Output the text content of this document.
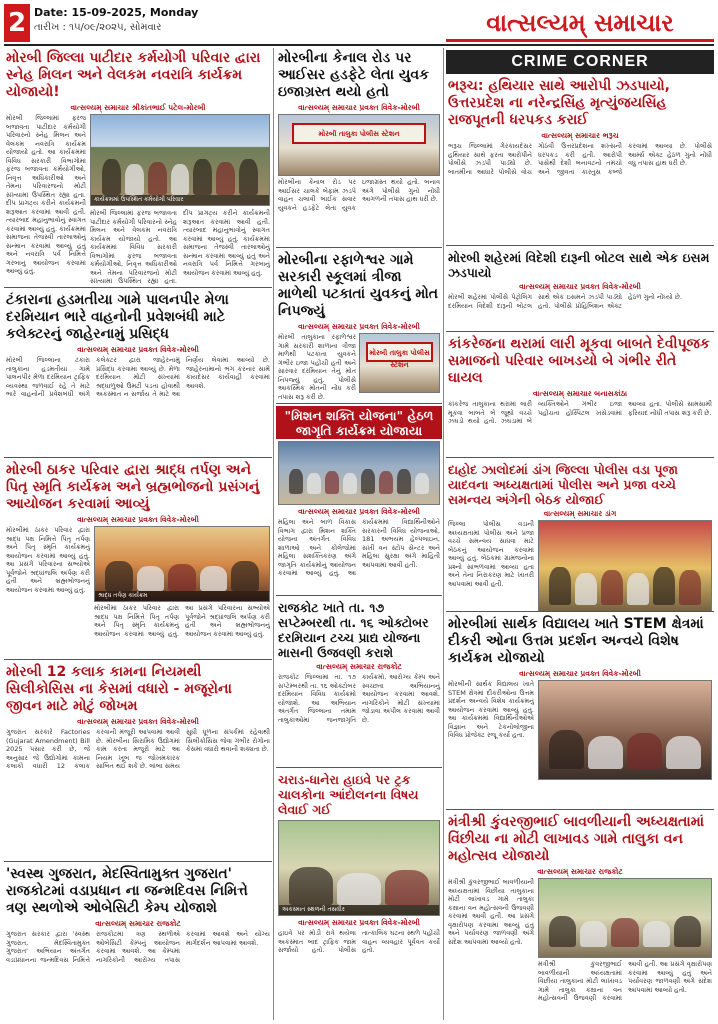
2 Date: 15-09-2025, Monday
તારીખ : ૧૫/૦૯/૨૦૨૫, સોમવાર	વાત્સલ્યમ્ સમાચાર
મોરબી જિલ્લા પાટીદાર કર્મયોગી પરિવાર દ્વારા સ્નેહ મિલન અને વેલકમ નવરાત્રિ કાર્યક્રમ યોજાયો!
વાત્સલ્યમ્ સમાચાર શ્રીકાંતભાઈ પટેલ-મોરબી
મોરબી જિલ્લામાં ફરજ બજાવતા પાટીદાર કર્મયોગી પરિવારનો સ્નેહ મિલન અને વેલકમ નવરાત્રિ કાર્યક્રમ યોજાયો હતો. આ કાર્યક્રમમાં વિવિધ સરકારી વિભાગોમાં ફરજ બજાવતા કર્મયોગીઓ, નિવૃત્ત અધિકારીઓ અને તેમના પરિવારજનો મોટી સંખ્યામાં ઉપસ્થિત રહ્યા હતા. દીપ પ્રાગટ્ય કરીને કાર્યક્રમની શરૂઆત કરવામાં આવી હતી. ત્યારબાદ મહાનુભાવોનું સ્વાગત કરવામાં આવ્યું હતું. કાર્યક્રમમાં સમાજના તેજસ્વી તારલાઓનું સન્માન કરવામાં આવ્યું હતું અને નવરાત્રિ પર્વ નિમિત્તે ગરબાનું આયોજન કરવામાં આવ્યું હતું.
કાર્યક્રમમાં ઉપસ્થિત કર્મયોગી પરિવાર
મોરબી જિલ્લામાં ફરજ બજાવતા પાટીદાર કર્મયોગી પરિવારનો સ્નેહ મિલન અને વેલકમ નવરાત્રિ કાર્યક્રમ યોજાયો હતો. આ કાર્યક્રમમાં વિવિધ સરકારી વિભાગોમાં ફરજ બજાવતા કર્મયોગીઓ, નિવૃત્ત અધિકારીઓ અને તેમના પરિવારજનો મોટી સંખ્યામાં ઉપસ્થિત રહ્યા હતા. દીપ પ્રાગટ્ય કરીને કાર્યક્રમની શરૂઆત કરવામાં આવી હતી. ત્યારબાદ મહાનુભાવોનું સ્વાગત કરવામાં આવ્યું હતું. કાર્યક્રમમાં સમાજના તેજસ્વી તારલાઓનું સન્માન કરવામાં આવ્યું હતું અને નવરાત્રિ પર્વ નિમિત્તે ગરબાનું આયોજન કરવામાં આવ્યું હતું.
ટંકારાના હડમતીયા ગામે પાલનપીર મેળા દરમિયાન ભારે વાહનોની પ્રવેશબંધી માટે કલેક્ટરનું જાહેરનામું પ્રસિદ્ધ
વાત્સલ્યમ્ સમાચાર પ્રવક્ત વિવેક-મોરબી
મોરબી જિલ્લાના ટંકારા તાલુકાના હડમતીયા ગામે પાલનપીર મેળા દરમિયાન ટ્રાફિક વ્યવસ્થા જળવાઈ રહે તે માટે ભારે વાહનોની પ્રવેશબંધી અંગે કલેક્ટર દ્વારા જાહેરનામું પ્રસિદ્ધ કરવામાં આવ્યું છે. મેળા દરમિયાન મોટી સંખ્યામાં શ્રદ્ધાળુઓ ઉમટી પડતા હોવાથી અકસ્માત ન સર્જાય તે માટે આ નિર્ણય લેવામાં આવ્યો છે. જાહેરનામાનો ભંગ કરનાર સામે કાયદેસર કાર્યવાહી કરવામાં આવશે.
મોરબી ઠાકર પરિવાર દ્વારા શ્રાદ્ધ તર્પણ અને પિતૃ સ્મૃતિ કાર્યક્રમ અને બ્રહ્મભોજનો પ્રસંગનું આયોજન કરવામાં આવ્યું
વાત્સલ્યમ્ સમાચાર પ્રવક્ત વિવેક-મોરબી
મોરબીમાં ઠાકર પરિવાર દ્વારા શ્રાદ્ધ પક્ષ નિમિત્તે પિતૃ તર્પણ અને પિતૃ સ્મૃતિ કાર્યક્રમનું આયોજન કરવામાં આવ્યું હતું. આ પ્રસંગે પરિવારના સભ્યોએ પૂર્વજોને શ્રદ્ધાંજલિ અર્પણ કરી હતી અને બ્રહ્મભોજનનું આયોજન કરવામાં આવ્યું હતું.
શ્રાદ્ધ તર્પણ કાર્યક્રમ
મોરબીમાં ઠાકર પરિવાર દ્વારા શ્રાદ્ધ પક્ષ નિમિત્તે પિતૃ તર્પણ અને પિતૃ સ્મૃતિ કાર્યક્રમનું આયોજન કરવામાં આવ્યું હતું. આ પ્રસંગે પરિવારના સભ્યોએ પૂર્વજોને શ્રદ્ધાંજલિ અર્પણ કરી હતી અને બ્રહ્મભોજનનું આયોજન કરવામાં આવ્યું હતું.
મોરબી 12 કલાક કામના નિયમથી સિલીકોસિસ ના કેસમાં વધારો - મજૂરોના જીવન માટે મોટું જોખમ
વાત્સલ્યમ્ સમાચાર પ્રવક્ત વિવેક-મોરબી
ગુજરાત સરકારે Factories (Gujarat Amendment) Bill 2025 પસાર કરી છે, જે અનુસાર જે ઉદ્યોગોમાં કામના કલાકો વધારી 12 કલાક કરવાની મંજૂરી આપવામાં આવી છે. મોરબીના સિરામિક ઉદ્યોગમાં કામ કરતા મજૂરો માટે આ નિયમ ખૂબ જ જોખમકારક સાબિત થઈ શકે છે. લાંબા સમય સુધી ધૂળના સંપર્કમાં રહેવાથી સિલીકોસિસ જેવા ગંભીર રોગોના કેસમાં વધારો થવાની શક્યતા છે.
'સ્વસ્થ ગુજરાત, મેદસ્વિતામુક્ત ગુજરાત' રાજકોટમાં વડાપ્રધાન ના જન્મદિવસ નિમિત્તે ત્રણ સ્થળોએ ઓબેસિટી કેમ્પ યોજાશે
વાત્સલ્યમ્ સમાચાર રાજકોટ
ગુજરાત સરકાર દ્વારા 'સ્વસ્થ ગુજરાત, મેદસ્વિતામુક્ત ગુજરાત' અભિયાન અંતર્ગત વડાપ્રધાનના જન્મદિવસ નિમિત્તે રાજકોટમાં ત્રણ સ્થળોએ ઓબેસિટી કેમ્પનું આયોજન કરવામાં આવશે. આ કેમ્પમાં નાગરિકોની આરોગ્ય તપાસ કરવામાં આવશે અને યોગ્ય માર્ગદર્શન આપવામાં આવશે.
મોરબીના કેનાલ રોડ પર આઈસર હડફેટે લેતા યુવક ઇજાગ્રસ્ત થયો હતો
વાત્સલ્યમ્ સમાચાર પ્રવક્ત વિવેક-મોરબી
મોરબી તાલુકા પોલીસ સ્ટેશન
મોરબીના કેનાલ રોડ પર આઈસર ચાલકે બેફામ ઝડપે વાહન ચલાવી બાઈક સવાર યુવકને હડફેટે લેતા યુવક ઇજાગ્રસ્ત થયો હતો. બનાવ અંગે પોલીસે ગુનો નોંધી આગળની તપાસ હાથ ધરી છે.
મોરબીના રફાળેશ્વર ગામે સરકારી સ્કૂલમાં ત્રીજા માળેથી પટકાતાં યુવકનું મોત નિપજ્યું
વાત્સલ્યમ્ સમાચાર પ્રવક્ત વિવેક-મોરબી
મોરબી તાલુકાના રફાળેશ્વર ગામે સરકારી શાળાના ત્રીજા માળેથી પટકાતા યુવકને ગંભીર ઇજા પહોંચી હતી અને સારવાર દરમિયાન તેનું મોત નિપજ્યું હતું. પોલીસે આકસ્મિક મોતની નોંધ કરી તપાસ શરૂ કરી છે.
મોરબી તાલુકા પોલીસ સ્ટેશન
"મિશન શક્તિ યોજના" હેઠળ જાગૃતિ કાર્યક્રમ યોજાયા
વાત્સલ્યમ્ સમાચાર પ્રવક્ત વિવેક-મોરબી
મહિલા અને બાળ વિકાસ વિભાગ દ્વારા મિશન શક્તિ યોજના અંતર્ગત વિવિધ શાળાઓ અને કોલેજોમાં મહિલા સશક્તિકરણ અંગે જાગૃતિ કાર્યક્રમોનું આયોજન કરવામાં આવ્યું હતું. આ કાર્યક્રમમાં વિદ્યાર્થિનીઓને સરકારની વિવિધ યોજનાઓ, 181 અભયમ હેલ્પલાઇન, સખી વન સ્ટોપ સેન્ટર અને મહિલા સુરક્ષા અંગે માહિતી આપવામાં આવી હતી.
રાજકોટ ખાતે તા. ૧૭ સપ્ટેમ્બરથી તા. ૧૬ ઓક્ટોબર દરમિયાન ટચ્ચ પ્રાદ્ય યોજના માસની ઉજવણી કરાશે
વાત્સલ્યમ્ સમાચાર રાજકોટ
રાજકોટ જિલ્લામાં તા. ૧૭ સપ્ટેમ્બરથી તા. ૧૬ ઓક્ટોબર દરમિયાન વિવિધ કાર્યક્રમો યોજાશે. આ અભિયાન અંતર્ગત જિલ્લાના તમામ તાલુકાઓમાં જનજાગૃતિ કાર્યક્રમો, આરોગ્ય કેમ્પ અને સ્વચ્છતા અભિયાનનું આયોજન કરવામાં આવશે. નાગરિકોને મોટી સંખ્યામાં જોડાવા અપીલ કરવામાં આવી છે.
ચરાડ-ધાનેરા હાઇવે પર ટ્રક ચાલકોના આંદોલનના વિષય લેવાઈ ગઈ
અકસ્માત સ્થળની તસવીર
વાત્સલ્યમ્ સમાચાર પ્રવક્ત વિવેક-મોરબી
હાઇવે પર મોડી રાત્રે થયેલા અકસ્માત બાદ ટ્રાફિક જામ સર્જાયો હતો. પોલીસ તાત્કાલિક ઘટના સ્થળે પહોંચી વાહન વ્યવહાર પૂર્વવત કર્યો હતો.
CRIME CORNER
ભરૂચ: હથિયાર સાથે આરોપી ઝડપાયો, ઉત્તરપ્રદેશ ના નરેન્દ્રસિંહ મૃત્યુંજયસિંહ રાજપૂતની ધરપકડ કરાઈ
વાત્સલ્યમ્ સમાચાર ભરૂચ
ભરૂચ જિલ્લામાં ગેરકાયદેસર હથિયાર સાથે ફરતા આરોપીને પોલીસે ઝડપી પાડ્યો છે. બાતમીના આધારે પોલીસે વોચ ગોઠવી ઉત્તરપ્રદેશના શખ્સની ધરપકડ કરી હતી. આરોપી પાસેથી દેશી બનાવટનો તમંચો અને જીવતા કારતુસ કબ્જે કરવામાં આવ્યા છે. પોલીસે આર્મ્સ એક્ટ હેઠળ ગુનો નોંધી વધુ તપાસ હાથ ધરી છે.
મોરબી શહેરમાં વિદેશી દારૂની બોટલ સાથે એક ઇસમ ઝડપાયો
વાત્સલ્યમ્ સમાચાર પ્રવક્ત વિવેક-મોરબી
મોરબી શહેરમાં પોલીસે પેટ્રોલિંગ દરમિયાન વિદેશી દારૂની બોટલ સાથે એક ઇસમને ઝડપી પાડ્યો હતો. પોલીસે પ્રોહિબિશન એક્ટ હેઠળ ગુનો નોંધ્યો છે.
કાંકરેજના થરામાં લારી મૂકવા બાબતે દેવીપૂજક સમાજનો પરિવાર બાખડયો બે ગંભીર રીતે ઘાયલ
વાત્સલ્યમ્ સમાચાર બનાસકાંઠા
કાંકરેજ તાલુકાના થરામાં લારી મૂકવા બાબતે બે જૂથો વચ્ચે ઝઘડો થયો હતો. ઝઘડામાં બે વ્યક્તિઓને ગંભીર ઇજા પહોંચતા હોસ્પિટલ ખસેડવામાં આવ્યા હતા. પોલીસે સામસામી ફરિયાદ નોંધી તપાસ શરૂ કરી છે.
દાહોદ ઝાલોદમાં ડાંગ જિલ્લા પોલીસ વડા પૂજા યાદવના અધ્યક્ષતામાં પોલીસ અને પ્રજા વચ્ચે સમન્વય અંગેની બેઠક યોજાઈ
વાત્સલ્યમ્ સમાચાર ડાંગ
જિલ્લા પોલીસ વડાની અધ્યક્ષતામાં પોલીસ અને પ્રજા વચ્ચે સમન્વય સાધવા માટે બેઠકનું આયોજન કરવામાં આવ્યું હતું. બેઠકમાં ગ્રામજનોના પ્રશ્નો સાંભળવામાં આવ્યા હતા અને તેના નિરાકરણ માટે ખાતરી આપવામાં આવી હતી.
મોરબીમાં સાર્થક વિદ્યાલય ખાતે STEM ક્ષેત્રમાં દીકરી ઓના ઉત્તમ પ્રદર્શન અન્વયે વિશેષ કાર્યક્રમ યોજાયો
વાત્સલ્યમ્ સમાચાર પ્રવક્ત વિવેક-મોરબી
મોરબીની સાર્થક વિદ્યાલય ખાતે STEM ક્ષેત્રમાં દીકરીઓના ઉત્તમ પ્રદર્શન અન્વયે વિશેષ કાર્યક્રમનું આયોજન કરવામાં આવ્યું હતું. આ કાર્યક્રમમાં વિદ્યાર્થિનીઓએ વિજ્ઞાન અને ટેકનોલોજીના વિવિધ પ્રોજેક્ટ રજૂ કર્યા હતા.
મંત્રીશ્રી કુંવરજીભાઈ બાવળીયાની અધ્યક્ષતામાં વિંછીયા ના મોટી લાખાવડ ગામે તાલુકા વન મહોત્સવ યોજાયો
વાત્સલ્યમ્ સમાચાર રાજકોટ
મંત્રીશ્રી કુંવરજીભાઈ બાવળીયાની અધ્યક્ષતામાં વિંછીયા તાલુકાના મોટી લાખાવડ ગામે તાલુકા કક્ષાના વન મહોત્સવની ઉજવણી કરવામાં આવી હતી. આ પ્રસંગે વૃક્ષારોપણ કરવામાં આવ્યું હતું અને પર્યાવરણ જાળવણી અંગે સંદેશ આપવામાં આવ્યો હતો.
મંત્રીશ્રી કુંવરજીભાઈ બાવળીયાની અધ્યક્ષતામાં વિંછીયા તાલુકાના મોટી લાખાવડ ગામે તાલુકા કક્ષાના વન મહોત્સવની ઉજવણી કરવામાં આવી હતી. આ પ્રસંગે વૃક્ષારોપણ કરવામાં આવ્યું હતું અને પર્યાવરણ જાળવણી અંગે સંદેશ આપવામાં આવ્યો હતો.
